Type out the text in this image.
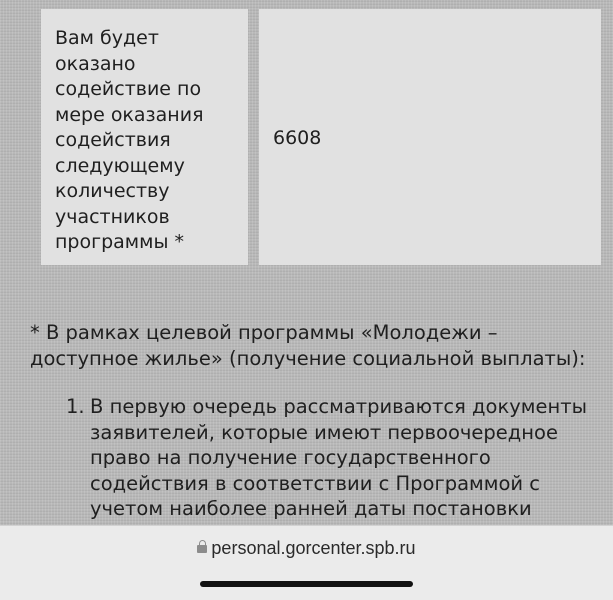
Вам будет оказано содействие по мере оказания содействия следующему количеству участников программы *
6608

* В рамках целевой программы «Молодежи – доступное жилье» (получение социальной выплаты):

1. В первую очередь рассматриваются документы заявителей, которые имеют первоочередное право на получение государственного содействия в соответствии с Программой с учетом наиболее ранней даты постановки
personal.gorcenter.spb.ru
